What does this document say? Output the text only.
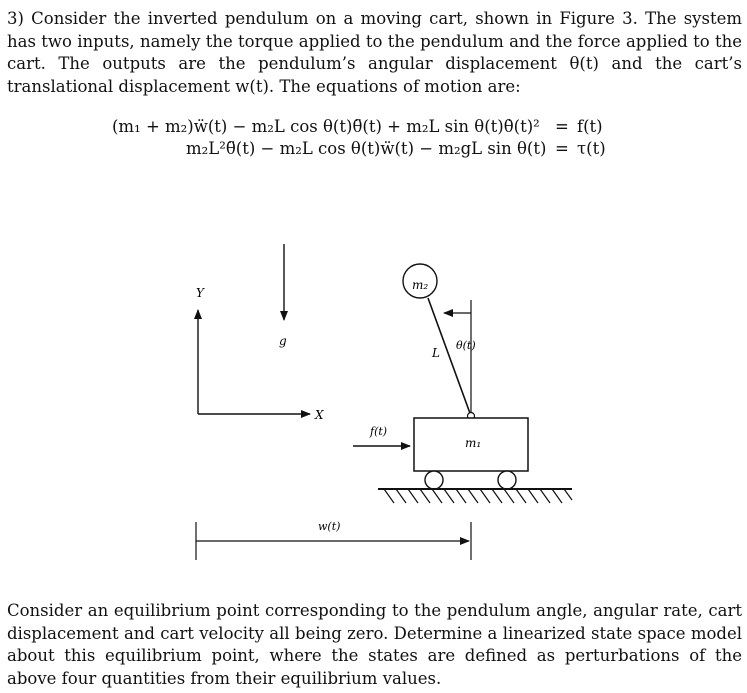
3) Consider the inverted pendulum on a moving cart, shown in Figure 3. The system has two inputs, namely the torque applied to the pendulum and the force applied to the cart. The outputs are the pendulum’s angular displacement θ(t) and the cart’s translational displacement w(t). The equations of motion are:
(m₁ + m₂)ẅ(t) − m₂L cos θ(t)θ̈(t) + m₂L sin θ(t)θ̇(t)² = f(t)
m₂L²θ̈(t) − m₂L cos θ(t)ẅ(t) − m₂gL sin θ(t) = τ(t)
Y
X
g
m₂
θ(t)
L
m₁
f(t)
w(t)
Consider an equilibrium point corresponding to the pendulum angle, angular rate, cart displacement and cart velocity all being zero. Determine a linearized state space model about this equilibrium point, where the states are defined as perturbations of the above four quantities from their equilibrium values.
